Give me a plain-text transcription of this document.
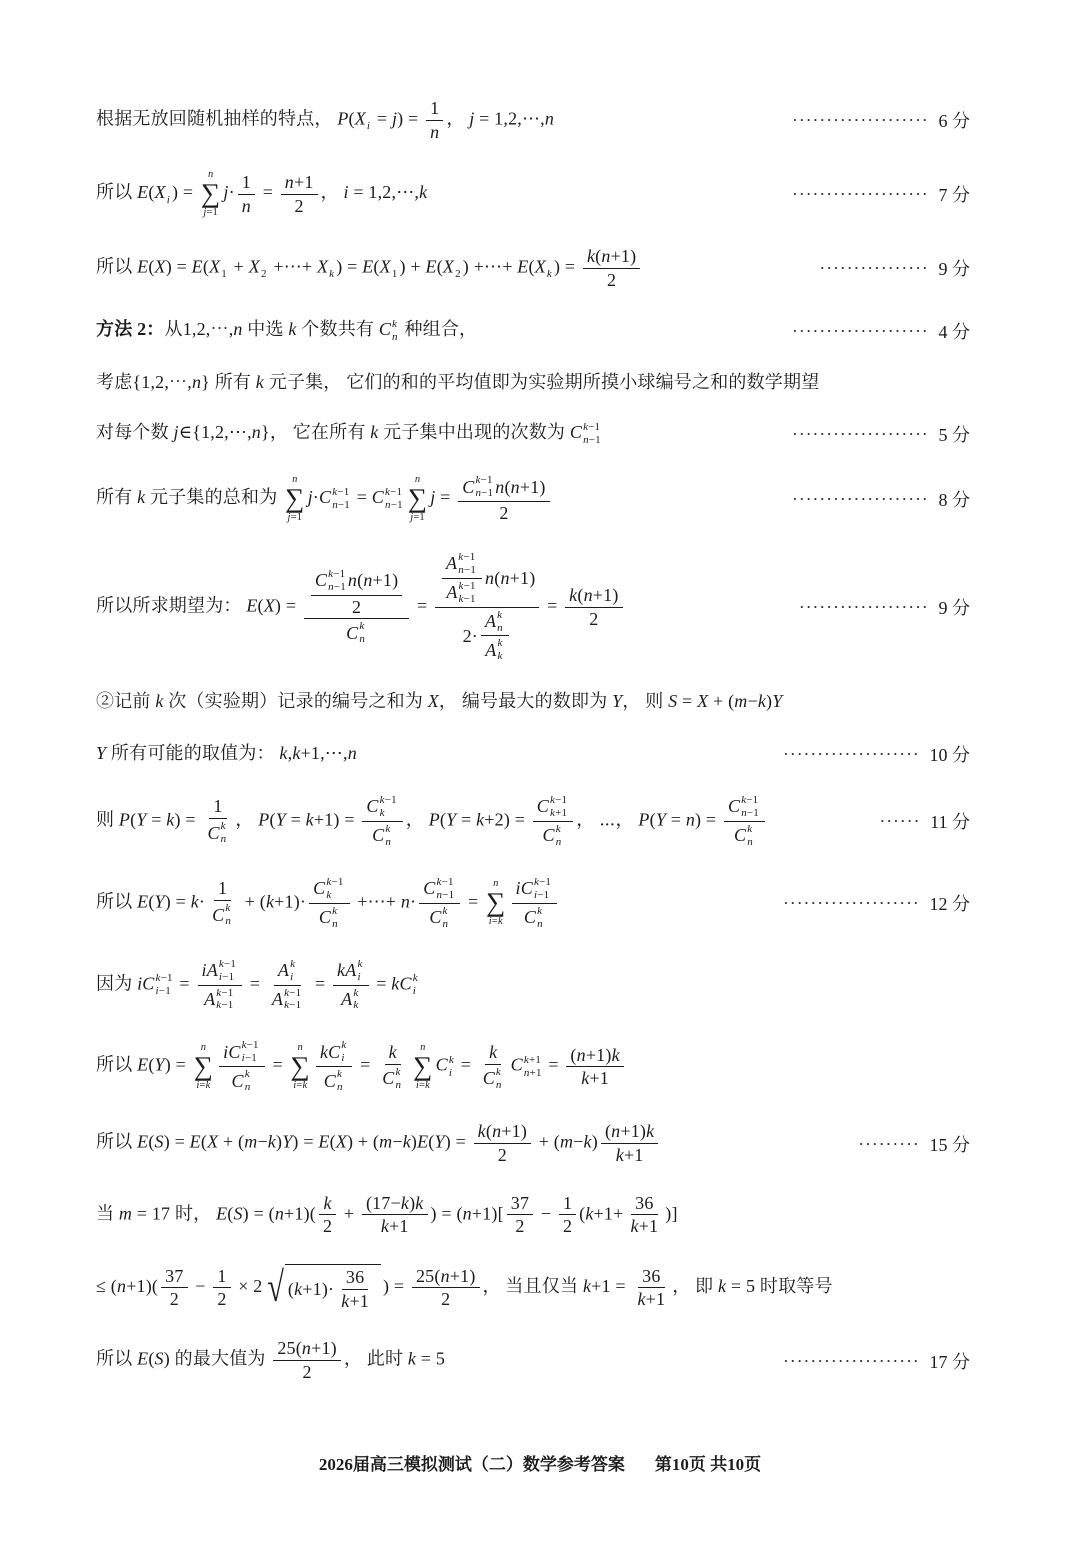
根据无放回随机抽样的特点， P(X $i = j) = \frac{1}{n}$ ， j = 1,2,⋯,n	···················· 6 分
所以 E(X i ) =
n
∑
j=1
$j\cdot \frac{1}{n} = \frac{n +1}{2}$ ， i = 1,2,⋯,k	···················· 7 分
所以 E(X) = E(X 1 + X 2 +⋯+ X k ) = E(X 1 ) + E(X 2 ) +⋯+ E(X k ) = $\frac{k ( n +1)}{2}$	················ 9 分
方法 2：从1,2,⋯,n 中选 k 个数共有 C k
n 种组合，	···················· 4 分
考虑{1,2,⋯,n} 所有 k 元子集， 它们的和的平均值即为实验期所摸小球编号之和的数学期望
对每个数 j∈{1,2,⋯,n}， 它在所有 k 元子集中出现的次数为 C k−1
n−1	···················· 5 分
所有 k 元子集的总和为
n
∑
j=1
j·C k−1
n−1 = C k−1
n−1
n
∑
j=1
j = C k−1
n−1 n ( n +1)
2	···················· 8 分
所以所求期望为： E(X) = C k−1
n−1 n ( n +1)
2
C k
n = A k−1
n−1
A k−1
k−1 n ( n +1)
2· A k
n
A k
$k = \frac{k ( n +1)}{2}$	··················· 9 分
②记前 k 次（实验期）记录的编号之和为 X， 编号最大的数即为 Y， 则 S = X + (m−k)Y
Y 所有可能的取值为： k,k+1,⋯,n	···················· 10 分
则 P(Y = k) = 1
C k
n ， P(Y = k+1) = C k−1
k
C k
n ， P(Y = k+2) = C k−1
k+1
C k
n ， ⋯， P(Y = n) = C k−1
n−1
C k
n	······ 11 分
所以 E(Y) = k· 1
C k
n + (k+1)· C k−1
k
C k
n +⋯+ n· C k−1
n−1
C k
n =
n
∑
i=k iC k−1
i−1
C k
n	···················· 12 分
因为 iC k−1
i−1 = iA k−1
i−1
A k−1
k−1 = A k
i
A k−1
k−1 = kA k
i
A k
k = kC k
i
所以 E(Y) =
n
∑
i=k iC k−1
i−1
C k
n =
n
∑
i=k kC k
i
C k
n = k
C k
n n
∑
i=k
C k
i = k
C k
n C k+1
$n+1 = \frac{( n +1) k}{k +1}$
所以 $E(S) = E(X + (m-k)Y) = E(X) + (m-k)E(Y) = \frac{k ( n +1)}{2} + (m-k) \frac{( n +1) k}{k +1}$	········· 15 分
当 m = 17 时， $E(S) = (n+1)( \frac{k}{2} + \frac{(17- k ) k}{k +1}$ ) = $(n+1)[ \frac{37}{2} - \frac{1}{2} (k+1+ \frac{36}{k +1}$ )]
≤ $(n+1)( \frac{37}{2} - \frac{1}{2} \times 2$ √ ( $k +1)\cdot \frac{36}{k +1}$ ) = $\frac{25( n +1)}{2}$ ， 当且仅当 $k+1 = \frac{36}{k +1}$ ， 即 k = 5 时取等号
所以 E(S) 的最大值为 $\frac{25( n +1)}{2}$ ， 此时 k = 5	···················· 17 分
2026届高三模拟测试（二）数学参考答案 第10页 共10页
